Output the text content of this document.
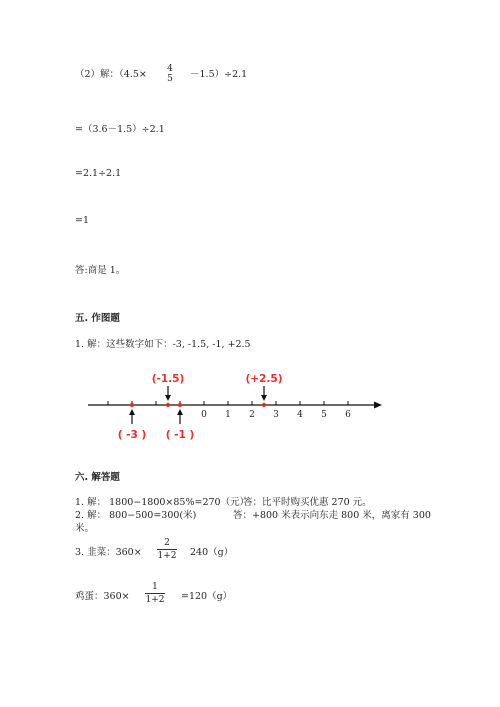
（2）解：（4.5×	4
5	－1.5）÷2.1
=（3.6－1.5）÷2.1
=2.1÷2.1
=1
答:商是 1。
五. 作图题
1. 解：这些数字如下：-3, -1.5, -1, +2.5
0 1 2 3 4 5 6
(-1.5)	(+2.5)
( -3 ) ( -1 )
六. 解答题
1. 解： 1800−1800×85%=270（元）
答：比平时购买优惠 270 元。
2. 解： 800−500=300(米)	答：+800 米表示向东走 800 米，离家有 300
米。
3. 韭菜：360×
2
1+2 240（g）
鸡蛋：360×
1
1+2 =120（g）
